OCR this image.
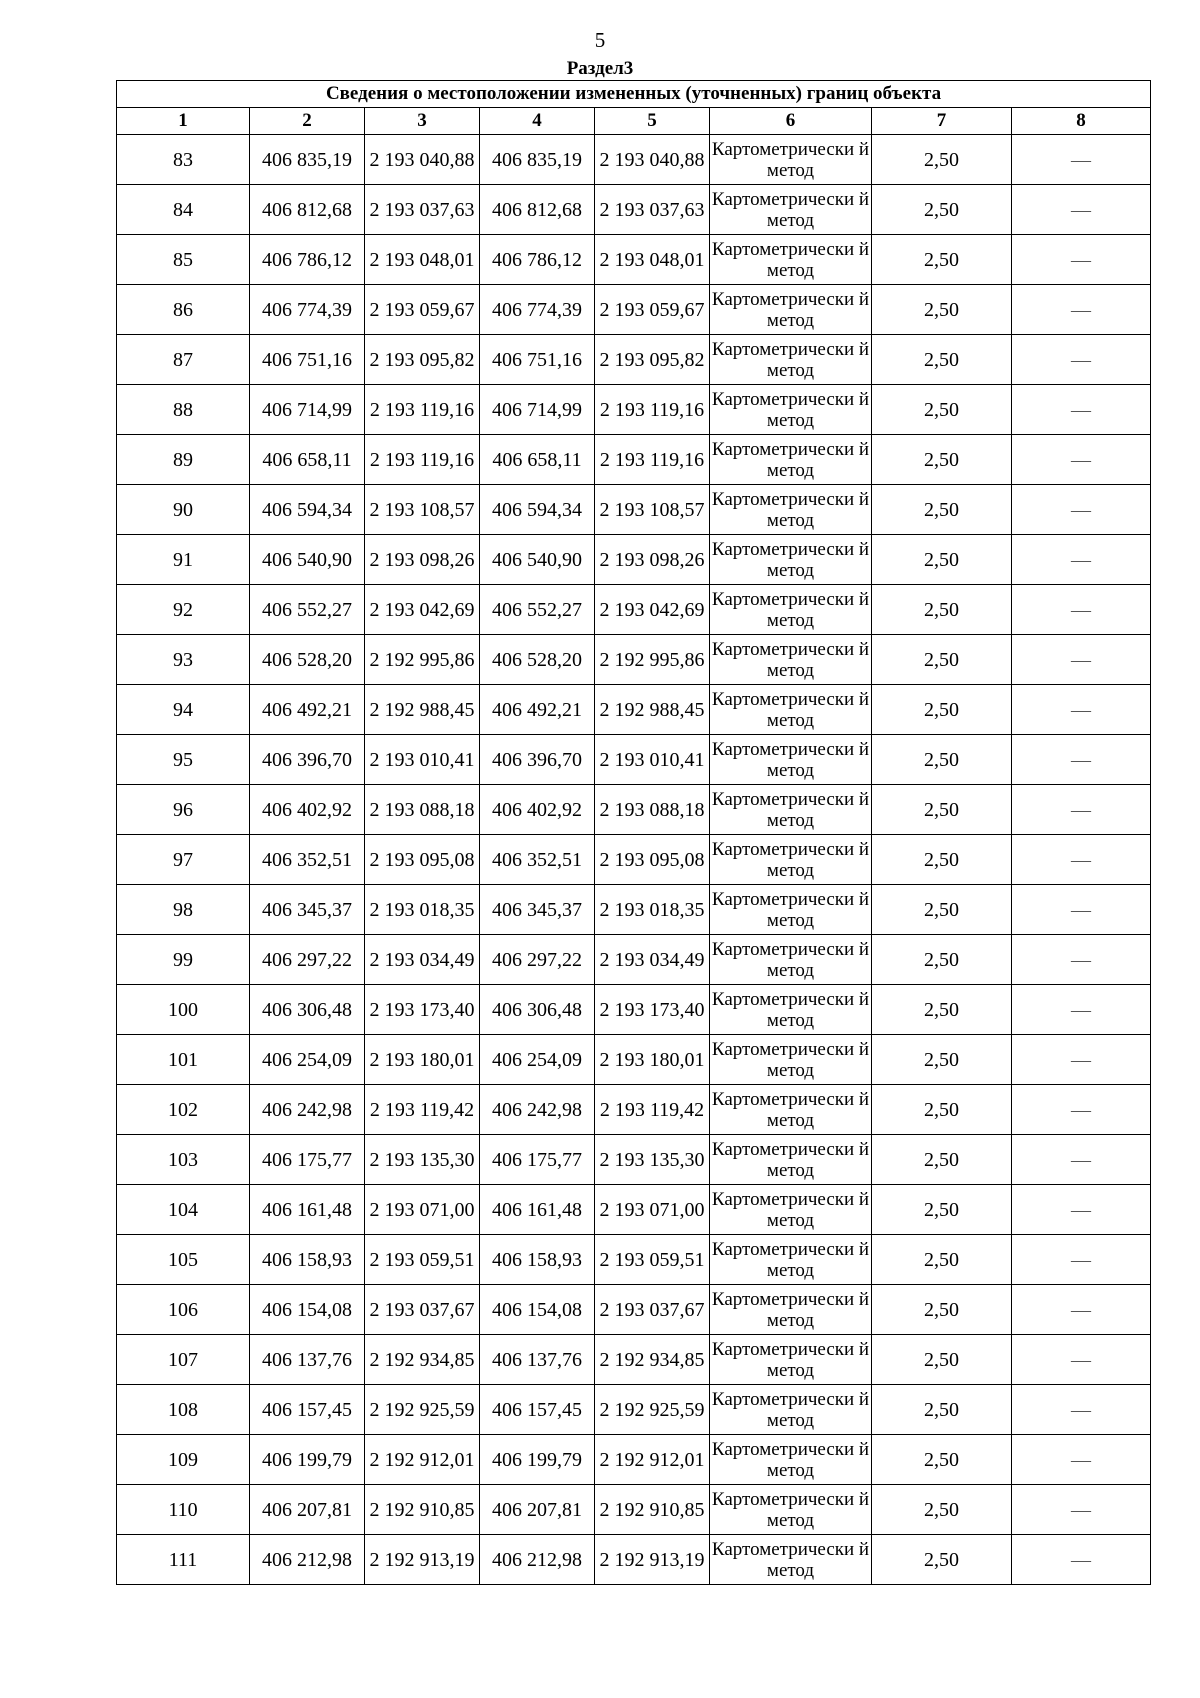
5
Раздел3
Сведения о местоположении измененных (уточненных) границ объекта							
1	2	3	4	5	6	7	8
83	406 835,19	2 193 040,88	406 835,19	2 193 040,88	Картометрически й метод	2,50	—
84	406 812,68	2 193 037,63	406 812,68	2 193 037,63	Картометрически й метод	2,50	—
85	406 786,12	2 193 048,01	406 786,12	2 193 048,01	Картометрически й метод	2,50	—
86	406 774,39	2 193 059,67	406 774,39	2 193 059,67	Картометрически й метод	2,50	—
87	406 751,16	2 193 095,82	406 751,16	2 193 095,82	Картометрически й метод	2,50	—
88	406 714,99	2 193 119,16	406 714,99	2 193 119,16	Картометрически й метод	2,50	—
89	406 658,11	2 193 119,16	406 658,11	2 193 119,16	Картометрически й метод	2,50	—
90	406 594,34	2 193 108,57	406 594,34	2 193 108,57	Картометрически й метод	2,50	—
91	406 540,90	2 193 098,26	406 540,90	2 193 098,26	Картометрически й метод	2,50	—
92	406 552,27	2 193 042,69	406 552,27	2 193 042,69	Картометрически й метод	2,50	—
93	406 528,20	2 192 995,86	406 528,20	2 192 995,86	Картометрически й метод	2,50	—
94	406 492,21	2 192 988,45	406 492,21	2 192 988,45	Картометрически й метод	2,50	—
95	406 396,70	2 193 010,41	406 396,70	2 193 010,41	Картометрически й метод	2,50	—
96	406 402,92	2 193 088,18	406 402,92	2 193 088,18	Картометрически й метод	2,50	—
97	406 352,51	2 193 095,08	406 352,51	2 193 095,08	Картометрически й метод	2,50	—
98	406 345,37	2 193 018,35	406 345,37	2 193 018,35	Картометрически й метод	2,50	—
99	406 297,22	2 193 034,49	406 297,22	2 193 034,49	Картометрически й метод	2,50	—
100	406 306,48	2 193 173,40	406 306,48	2 193 173,40	Картометрически й метод	2,50	—
101	406 254,09	2 193 180,01	406 254,09	2 193 180,01	Картометрически й метод	2,50	—
102	406 242,98	2 193 119,42	406 242,98	2 193 119,42	Картометрически й метод	2,50	—
103	406 175,77	2 193 135,30	406 175,77	2 193 135,30	Картометрически й метод	2,50	—
104	406 161,48	2 193 071,00	406 161,48	2 193 071,00	Картометрически й метод	2,50	—
105	406 158,93	2 193 059,51	406 158,93	2 193 059,51	Картометрически й метод	2,50	—
106	406 154,08	2 193 037,67	406 154,08	2 193 037,67	Картометрически й метод	2,50	—
107	406 137,76	2 192 934,85	406 137,76	2 192 934,85	Картометрически й метод	2,50	—
108	406 157,45	2 192 925,59	406 157,45	2 192 925,59	Картометрически й метод	2,50	—
109	406 199,79	2 192 912,01	406 199,79	2 192 912,01	Картометрически й метод	2,50	—
110	406 207,81	2 192 910,85	406 207,81	2 192 910,85	Картометрически й метод	2,50	—
111	406 212,98	2 192 913,19	406 212,98	2 192 913,19	Картометрически й метод	2,50	—
